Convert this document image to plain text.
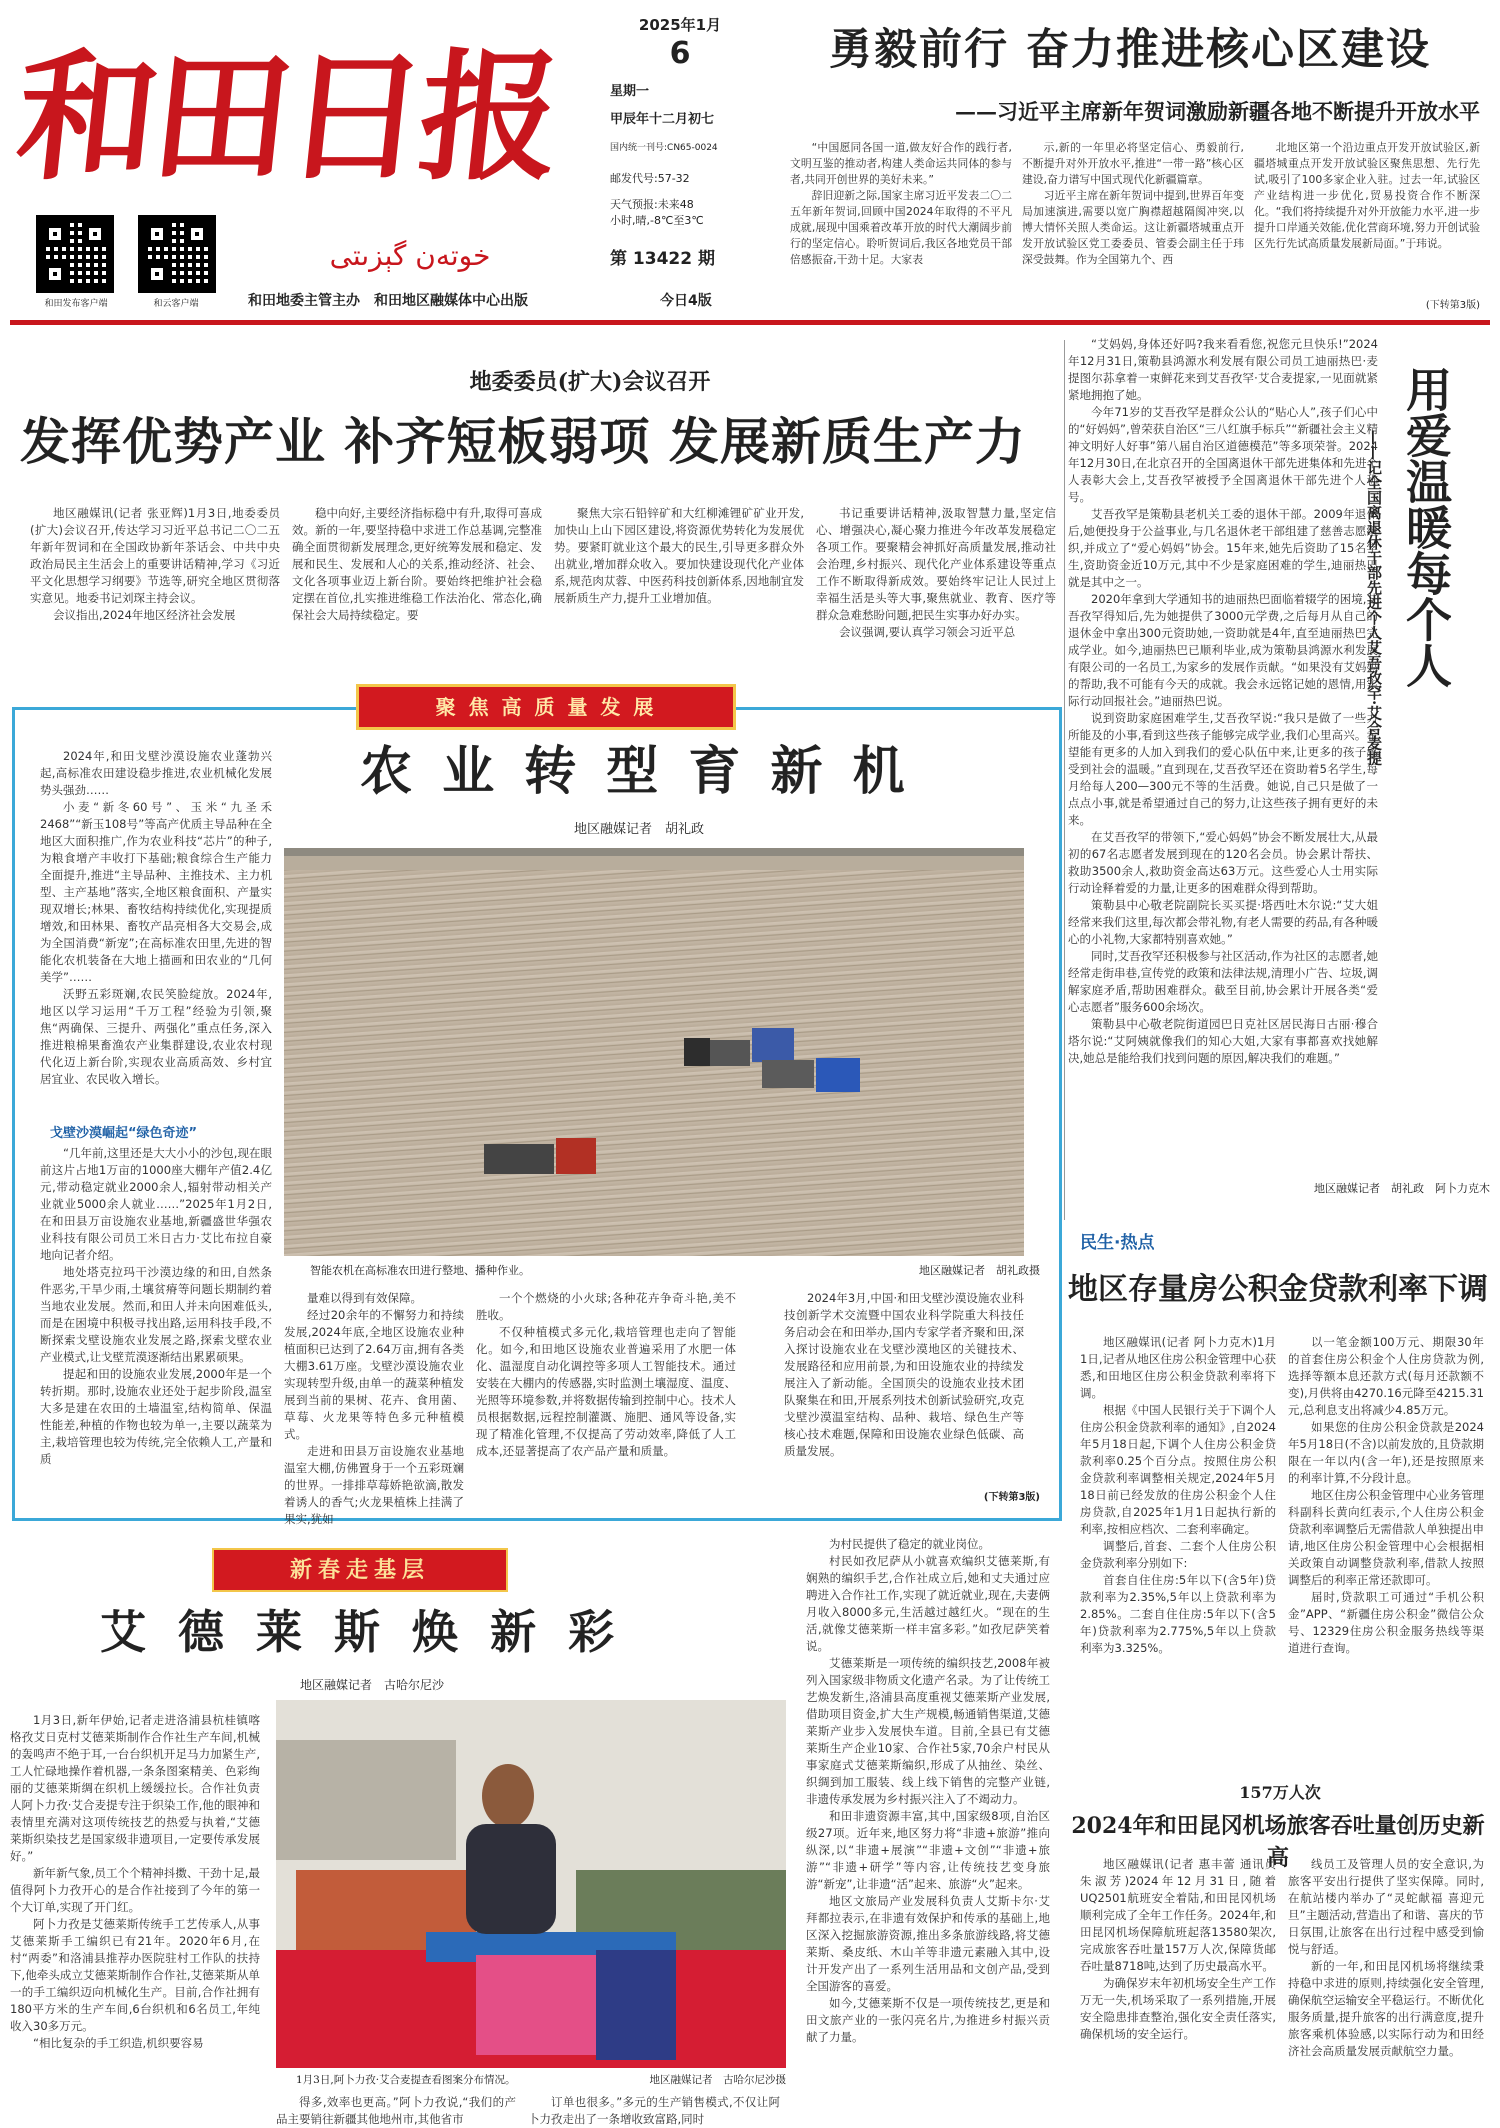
和田日报
خوتەن گېزىتى
和田发布客户端	和云客户端
2025年1月
6
星期一
甲辰年十二月初七
国内统一刊号:CN65-0024
邮发代号:57-32
天气预报:未来48
小时,晴,-8℃至3℃
第 13422 期
和田地委主管主办　和田地区融媒体中心出版	今日4版
勇毅前行 奋力推进核心区建设
——习近平主席新年贺词激励新疆各地不断提升开放水平

“中国愿同各国一道,做友好合作的践行者,文明互鉴的推动者,构建人类命运共同体的参与者,共同开创世界的美好未来。”

辞旧迎新之际,国家主席习近平发表二〇二五年新年贺词,回顾中国2024年取得的不平凡成就,展现中国乘着改革开放的时代大潮阔步前行的坚定信心。聆听贺词后,我区各地党员干部倍感振奋,干劲十足。大家表

示,新的一年里必将坚定信心、勇毅前行,不断提升对外开放水平,推进“一带一路”核心区建设,奋力谱写中国式现代化新疆篇章。

习近平主席在新年贺词中提到,世界百年变局加速演进,需要以宽广胸襟超越隔阂冲突,以博大情怀关照人类命运。这让新疆塔城重点开发开放试验区党工委委员、管委会副主任于玮深受鼓舞。作为全国第九个、西

北地区第一个沿边重点开发开放试验区,新疆塔城重点开发开放试验区聚焦思想、先行先试,吸引了100多家企业入驻。过去一年,试验区产业结构进一步优化,贸易投资合作不断深化。“我们将持续提升对外开放能力水平,进一步提升口岸通关效能,优化营商环境,努力开创试验区先行先试高质量发展新局面。”于玮说。

(下转第3版)
地委委员(扩大)会议召开
发挥优势产业 补齐短板弱项 发展新质生产力

地区融媒讯(记者 张亚辉)1月3日,地委委员(扩大)会议召开,传达学习习近平总书记二〇二五年新年贺词和在全国政协新年茶话会、中共中央政治局民主生活会上的重要讲话精神,学习《习近平文化思想学习纲要》节选等,研究全地区贯彻落实意见。地委书记刘琛主持会议。

会议指出,2024年地区经济社会发展

稳中向好,主要经济指标稳中有升,取得可喜成效。新的一年,要坚持稳中求进工作总基调,完整准确全面贯彻新发展理念,更好统筹发展和稳定、发展和民生、发展和人心的关系,推动经济、社会、文化各项事业迈上新台阶。要始终把维护社会稳定摆在首位,扎实推进维稳工作法治化、常态化,确保社会大局持续稳定。要

聚焦大宗石铅锌矿和大红柳滩锂矿矿业开发,加快山上山下园区建设,将资源优势转化为发展优势。要紧盯就业这个最大的民生,引导更多群众外出就业,增加群众收入。要加快建设现代化产业体系,规范肉苁蓉、中医药科技创新体系,因地制宜发展新质生产力,提升工业增加值。

书记重要讲话精神,汲取智慧力量,坚定信心、增强决心,凝心聚力推进今年改革发展稳定各项工作。要聚精会神抓好高质量发展,推动社会治理,乡村振兴、现代化产业体系建设等重点工作不断取得新成效。要始终牢记让人民过上幸福生活是头等大事,聚焦就业、教育、医疗等群众急难愁盼问题,把民生实事办好办实。

会议强调,要认真学习领会习近平总

聚 焦 高 质 量 发 展
农 业 转 型 育 新 机
地区融媒记者　胡礼政

2024年,和田戈壁沙漠设施农业蓬勃兴起,高标准农田建设稳步推进,农业机械化发展势头强劲……

小麦“新冬60号”、玉米“九圣禾2468”“新玉108号”等高产优质主导品种在全地区大面积推广,作为农业科技“芯片”的种子,为粮食增产丰收打下基础;粮食综合生产能力全面提升,推进“主导品种、主推技术、主力机型、主产基地”落实,全地区粮食面积、产量实现双增长;林果、畜牧结构持续优化,实现提质增效,和田林果、畜牧产品亮相各大交易会,成为全国消费“新宠”;在高标准农田里,先进的智能化农机装备在大地上描画和田农业的“几何美学”……

沃野五彩斑斓,农民笑脸绽放。2024年,地区以学习运用“千万工程”经验为引领,聚焦“两确保、三提升、两强化”重点任务,深入推进粮棉果畜渔农产业集群建设,农业农村现代化迈上新台阶,实现农业高质高效、乡村宜居宜业、农民收入增长。

戈壁沙漠崛起“绿色奇迹”

“几年前,这里还是大大小小的沙包,现在眼前这片占地1万亩的1000座大棚年产值2.4亿元,带动稳定就业2000余人,辐射带动相关产业就业5000余人就业……”2025年1月2日,在和田县万亩设施农业基地,新疆盛世华强农业科技有限公司员工米日古力·艾比布拉自豪地向记者介绍。

地处塔克拉玛干沙漠边缘的和田,自然条件恶劣,干旱少雨,土壤贫瘠等问题长期制约着当地农业发展。然而,和田人并未向困难低头,而是在困境中积极寻找出路,运用科技手段,不断探索戈壁设施农业发展之路,探索戈壁农业产业模式,让戈壁荒漠逐渐结出累累硕果。

提起和田的设施农业发展,2000年是一个转折期。那时,设施农业还处于起步阶段,温室大多是建在农田的土墙温室,结构简单、保温性能差,种植的作物也较为单一,主要以蔬菜为主,栽培管理也较为传统,完全依赖人工,产量和质

智能农机在高标准农田进行整地、播种作业。	地区融媒记者　胡礼政摄

量难以得到有效保障。

经过20余年的不懈努力和持续发展,2024年底,全地区设施农业种植面积已达到了2.64万亩,拥有各类大棚3.61万座。戈壁沙漠设施农业实现转型升级,由单一的蔬菜种植发展到当前的果树、花卉、食用菌、草莓、火龙果等特色多元种植模式。

走进和田县万亩设施农业基地温室大棚,仿佛置身于一个五彩斑斓的世界。一排排草莓娇艳欲滴,散发着诱人的香气;火龙果植株上挂满了果实,犹如

一个个燃烧的小火球;各种花卉争奇斗艳,美不胜收。

不仅种植模式多元化,栽培管理也走向了智能化。如今,和田地区设施农业普遍采用了水肥一体化、温湿度自动化调控等多项人工智能技术。通过安装在大棚内的传感器,实时监测土壤湿度、温度、光照等环境参数,并将数据传输到控制中心。技术人员根据数据,远程控制灌溉、施肥、通风等设备,实现了精准化管理,不仅提高了劳动效率,降低了人工成本,还显著提高了农产品产量和质量。

2024年3月,中国·和田戈壁沙漠设施农业科技创新学术交流暨中国农业科学院重大科技任务启动会在和田举办,国内专家学者齐聚和田,深入探讨设施农业在戈壁沙漠地区的关键技术、发展路径和应用前景,为和田设施农业的持续发展注入了新动能。全国顶尖的设施农业技术团队聚集在和田,开展系列技术创新试验研究,攻克戈壁沙漠温室结构、品种、栽培、绿色生产等核心技术难题,保障和田设施农业绿色低碳、高质量发展。

(下转第3版)
新春走基层
艾 德 莱 斯 焕 新 彩
地区融媒记者　古哈尔尼沙

1月3日,新年伊始,记者走进洛浦县杭桂镇喀格孜艾日克村艾德莱斯制作合作社生产车间,机械的轰鸣声不绝于耳,一台台织机开足马力加紧生产,工人忙碌地操作着机器,一条条图案精美、色彩绚丽的艾德莱斯绸在织机上缓缓拉长。合作社负责人阿卜力孜·艾合麦提专注于织染工作,他的眼神和表情里充满对这项传统技艺的热爱与执着,“艾德莱斯织染技艺是国家级非遗项目,一定要传承发展好。”

新年新气象,员工个个精神抖擞、干劲十足,最值得阿卜力孜开心的是合作社接到了今年的第一个大订单,实现了开门红。

阿卜力孜是艾德莱斯传统手工艺传承人,从事艾德莱斯手工编织已有21年。2020年6月,在村“两委”和洛浦县推荐办医院驻村工作队的扶持下,他牵头成立艾德莱斯制作合作社,艾德莱斯从单一的手工编织迈向机械化生产。目前,合作社拥有180平方米的生产车间,6台织机和6名员工,年纯收入30多万元。

“相比复杂的手工织造,机织要容易

1月3日,阿卜力孜·艾合麦提查看图案分布情况。	地区融媒记者　古哈尔尼沙摄

得多,效率也更高。”阿卜力孜说,“我们的产品主要销往新疆其他地州市,其他省市

订单也很多。”多元的生产销售模式,不仅让阿卜力孜走出了一条增收致富路,同时

为村民提供了稳定的就业岗位。

村民如孜尼萨从小就喜欢编织艾德莱斯,有娴熟的编织手艺,合作社成立后,她和丈夫通过应聘进入合作社工作,实现了就近就业,现在,夫妻俩月收入8000多元,生活越过越红火。“现在的生活,就像艾德莱斯一样丰富多彩。”如孜尼萨笑着说。

艾德莱斯是一项传统的编织技艺,2008年被列入国家级非物质文化遗产名录。为了让传统工艺焕发新生,洛浦县高度重视艾德莱斯产业发展,借助项目资金,扩大生产规模,畅通销售渠道,艾德莱斯产业步入发展快车道。目前,全县已有艾德莱斯生产企业10家、合作社5家,70余户村民从事家庭式艾德莱斯编织,形成了从抽丝、染丝、织绸到加工服装、线上线下销售的完整产业链,非遗传承发展为乡村振兴注入了不竭动力。

和田非遗资源丰富,其中,国家级8项,自治区级27项。近年来,地区努力将“非遗+旅游”推向纵深,以“非遗+展演”“非遗+文创”“非遗+旅游”“非遗+研学”等内容,让传统技艺变身旅游“新宠”,让非遗“活”起来、旅游“火”起来。

地区文旅局产业发展科负责人艾斯卡尔·艾拜都拉表示,在非遗有效保护和传承的基础上,地区深入挖掘旅游资源,推出多条旅游线路,将艾德莱斯、桑皮纸、木山羊等非遗元素融入其中,设计开发产出了一系列生活用品和文创产品,受到全国游客的喜爱。

如今,艾德莱斯不仅是一项传统技艺,更是和田文旅产业的一张闪亮名片,为推进乡村振兴贡献了力量。

“艾妈妈,身体还好吗?我来看看您,祝您元旦快乐!”2024年12月31日,策勒县鸿源水利发展有限公司员工迪丽热巴·麦提图尔荪拿着一束鲜花来到艾吾孜罕·艾合麦提家,一见面就紧紧地拥抱了她。

今年71岁的艾吾孜罕是群众公认的“贴心人”,孩子们心中的“好妈妈”,曾荣获自治区“三八红旗手标兵”“新疆社会主义精神文明好人好事”第八届自治区道德模范”等多项荣誉。2024年12月30日,在北京召开的全国离退休干部先进集体和先进个人表彰大会上,艾吾孜罕被授予全国离退休干部先进个人称号。

艾吾孜罕是策勒县老机关工委的退休干部。2009年退休后,她便投身于公益事业,与几名退休老干部组建了慈善志愿组织,并成立了“爱心妈妈”协会。15年来,她先后资助了15名学生,资助资金近10万元,其中不少是家庭困难的学生,迪丽热巴就是其中之一。

2020年拿到大学通知书的迪丽热巴面临着辍学的困境,艾吾孜罕得知后,先为她提供了3000元学费,之后每月从自己的退休金中拿出300元资助她,一资助就是4年,直至迪丽热巴完成学业。如今,迪丽热巴已顺利毕业,成为策勒县鸿源水利发展有限公司的一名员工,为家乡的发展作贡献。“如果没有艾妈妈的帮助,我不可能有今天的成就。我会永远铭记她的恩情,用实际行动回报社会。”迪丽热巴说。

说到资助家庭困难学生,艾吾孜罕说:“我只是做了一些力所能及的小事,看到这些孩子能够完成学业,我们心里高兴。希望能有更多的人加入到我们的爱心队伍中来,让更多的孩子感受到社会的温暖。”直到现在,艾吾孜罕还在资助着5名学生,每月给每人200—300元不等的生活费。她说,自己只是做了一点点小事,就是希望通过自己的努力,让这些孩子拥有更好的未来。

在艾吾孜罕的带领下,“爱心妈妈”协会不断发展壮大,从最初的67名志愿者发展到现在的120名会员。协会累计帮扶、救助3500余人,救助资金高达63万元。这些爱心人士用实际行动诠释着爱的力量,让更多的困难群众得到帮助。

策勒县中心敬老院副院长买买提·塔西吐木尔说:“艾大姐经常来我们这里,每次都会带礼物,有老人需要的药品,有各种暖心的小礼物,大家都特别喜欢她。”

同时,艾吾孜罕还积极参与社区活动,作为社区的志愿者,她经常走街串巷,宣传党的政策和法律法规,清理小广告、垃圾,调解家庭矛盾,帮助困难群众。截至目前,协会累计开展各类“爱心志愿者”服务600余场次。

策勒县中心敬老院街道园巴日克社区居民海日古丽·穆合塔尔说:“艾阿姨就像我们的知心大姐,大家有事都喜欢找她解决,她总是能给我们找到问题的原因,解决我们的难题。”

用爱温暖每个人
——记全国离退休干部先进个人艾吾孜罕·艾合麦提
地区融媒记者　胡礼政　阿卜力克木
民生·热点
地区存量房公积金贷款利率下调

地区融媒讯(记者 阿卜力克木)1月1日,记者从地区住房公积金管理中心获悉,和田地区住房公积金贷款利率将下调。

根据《中国人民银行关于下调个人住房公积金贷款利率的通知》,自2024年5月18日起,下调个人住房公积金贷款利率0.25个百分点。按照住房公积金贷款利率调整相关规定,2024年5月18日前已经发放的住房公积金个人住房贷款,自2025年1月1日起执行新的利率,按相应档次、二套利率确定。

调整后,首套、二套个人住房公积金贷款利率分别如下:

首套自住住房:5年以下(含5年)贷款利率为2.35%,5年以上贷款利率为2.85%。二套自住住房:5年以下(含5年)贷款利率为2.775%,5年以上贷款利率为3.325%。

以一笔金额100万元、期限30年的首套住房公积金个人住房贷款为例,选择等额本息还款方式(每月还款额不变),月供将由4270.16元降至4215.31元,总利息支出将减少4.85万元。

如果您的住房公积金贷款是2024年5月18日(不含)以前发放的,且贷款期限在一年以内(含一年),还是按照原来的利率计算,不分段计息。

地区住房公积金管理中心业务管理科副科长黄向红表示,个人住房公积金贷款利率调整后无需借款人单独提出申请,地区住房公积金管理中心会根据相关政策自动调整贷款利率,借款人按照调整后的利率正常还款即可。

届时,贷款职工可通过“手机公积金”APP、“新疆住房公积金”微信公众号、12329住房公积金服务热线等渠道进行查询。

157万人次
2024年和田昆冈机场旅客吞吐量创历史新高

地区融媒讯(记者 惠丰蕾 通讯员 朱淑芳)2024年12月31日,随着UQ2501航班安全着陆,和田昆冈机场顺利完成了全年工作任务。2024年,和田昆冈机场保障航班起落13580架次,完成旅客吞吐量157万人次,保障货邮吞吐量8718吨,达到了历史最高水平。

为确保岁末年初机场安全生产工作万无一失,机场采取了一系列措施,开展安全隐患排查整治,强化安全责任落实,确保机场的安全运行。

线员工及管理人员的安全意识,为旅客平安出行提供了坚实保障。同时,在航站楼内举办了“灵蛇献福 喜迎元旦”主题活动,营造出了和谐、喜庆的节日氛围,让旅客在出行过程中感受到愉悦与舒适。

新的一年,和田昆冈机场将继续秉持稳中求进的原则,持续强化安全管理,确保航空运输安全平稳运行。不断优化服务质量,提升旅客的出行满意度,提升旅客乘机体验感,以实际行动为和田经济社会高质量发展贡献航空力量。
